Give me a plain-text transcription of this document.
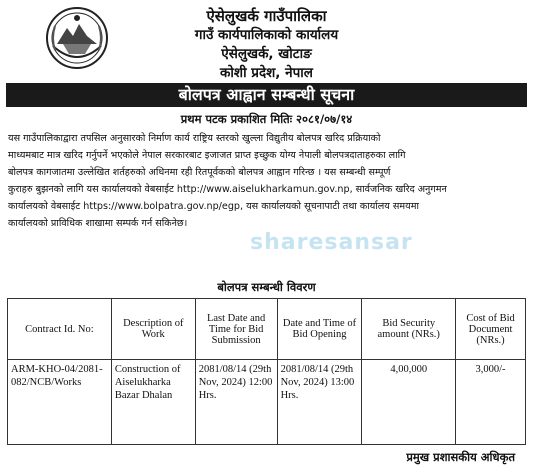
ऐसेलुखर्क गाउँपालिका
गाउँ कार्यपालिकाको कार्यालय
ऐसेलुखर्क, खोटाङ
कोशी प्रदेश, नेपाल
बोलपत्र आह्वान सम्बन्धी सूचना
प्रथम पटक प्रकाशित मितिः २०८१/०७/१४
यस गाउँपालिकाद्वारा तपसिल अनुसारको निर्माण कार्य राष्ट्रिय स्तरको खुल्ला विद्युतीय बोलपत्र खरिद प्रक्रियाको
माध्यमबाट मात्र खरिद गर्नुपर्ने भएकोले नेपाल सरकारबाट इजाजत प्राप्त इच्छुक योग्य नेपाली बोलपत्रदाताहरुका लागि
बोलपत्र कागजातमा उल्लेखित शर्तहरुको अधिनमा रही रितपूर्वकको बोलपत्र आह्वान गरिन्छ । यस सम्बन्धी सम्पूर्ण
कुराहरु बुझनको लागि यस कार्यालयको वेबसाईट http://www.aiselukharkamun.gov.np, सार्वजनिक खरिद अनुगमन
कार्यालयको वेबसाईट https://www.bolpatra.gov.np/egp, यस कार्यालयको सूचनापाटी तथा कार्यालय समयमा
कार्यालयको प्राविधिक शाखामा सम्पर्क गर्न सकिनेछ।
sharesansar
बोलपत्र सम्बन्धी विवरण
Contract Id. No:	Description of Work	Last Date and Time for Bid Submission	Date and Time of Bid Opening	Bid Security amount (NRs.)	Cost of Bid Document (NRs.)
ARM-KHO-04/2081-082/NCB/Works	Construction of Aiselukharka Bazar Dhalan	2081/08/14 (29th Nov, 2024) 12:00 Hrs.	2081/08/14 (29th Nov, 2024) 13:00 Hrs.	4,00,000	3,000/-
प्रमुख प्रशासकीय अधिकृत
